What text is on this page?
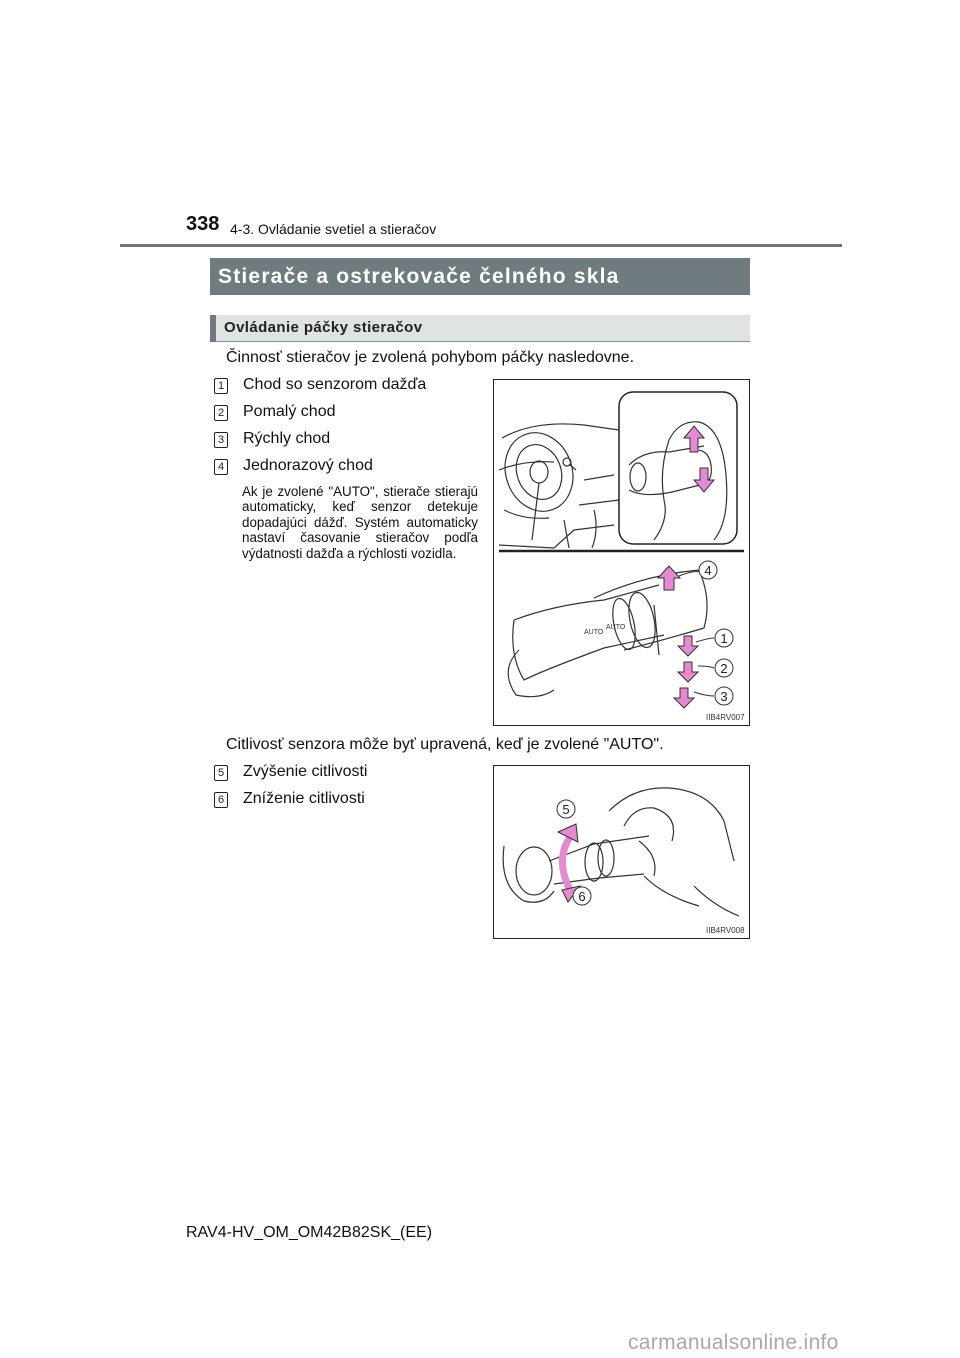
338 4-3. Ovládanie svetiel a stieračov
Stierače a ostrekovače čelného skla
Ovládanie páčky stieračov
Činnosť stieračov je zvolená pohybom páčky nasledovne.
1 Chod so senzorom dažďa
2 Pomalý chod
3 Rýchly chod
4 Jednorazový chod
Ak je zvolené "AUTO", stierače stierajú automaticky, keď senzor detekuje dopadajúci dážď. Systém automaticky nastaví časovanie stieračov podľa výdatnosti dažďa a rýchlosti vozidla.
AUTO
AUTO
4
1
2
3
IIB4RV007
Citlivosť senzora môže byť upravená, keď je zvolené "AUTO".
5 Zvýšenie citlivosti
6 Zníženie citlivosti
5
6
IIB4RV008
RAV4-HV_OM_OM42B82SK_(EE)
carmanualsonline.info
